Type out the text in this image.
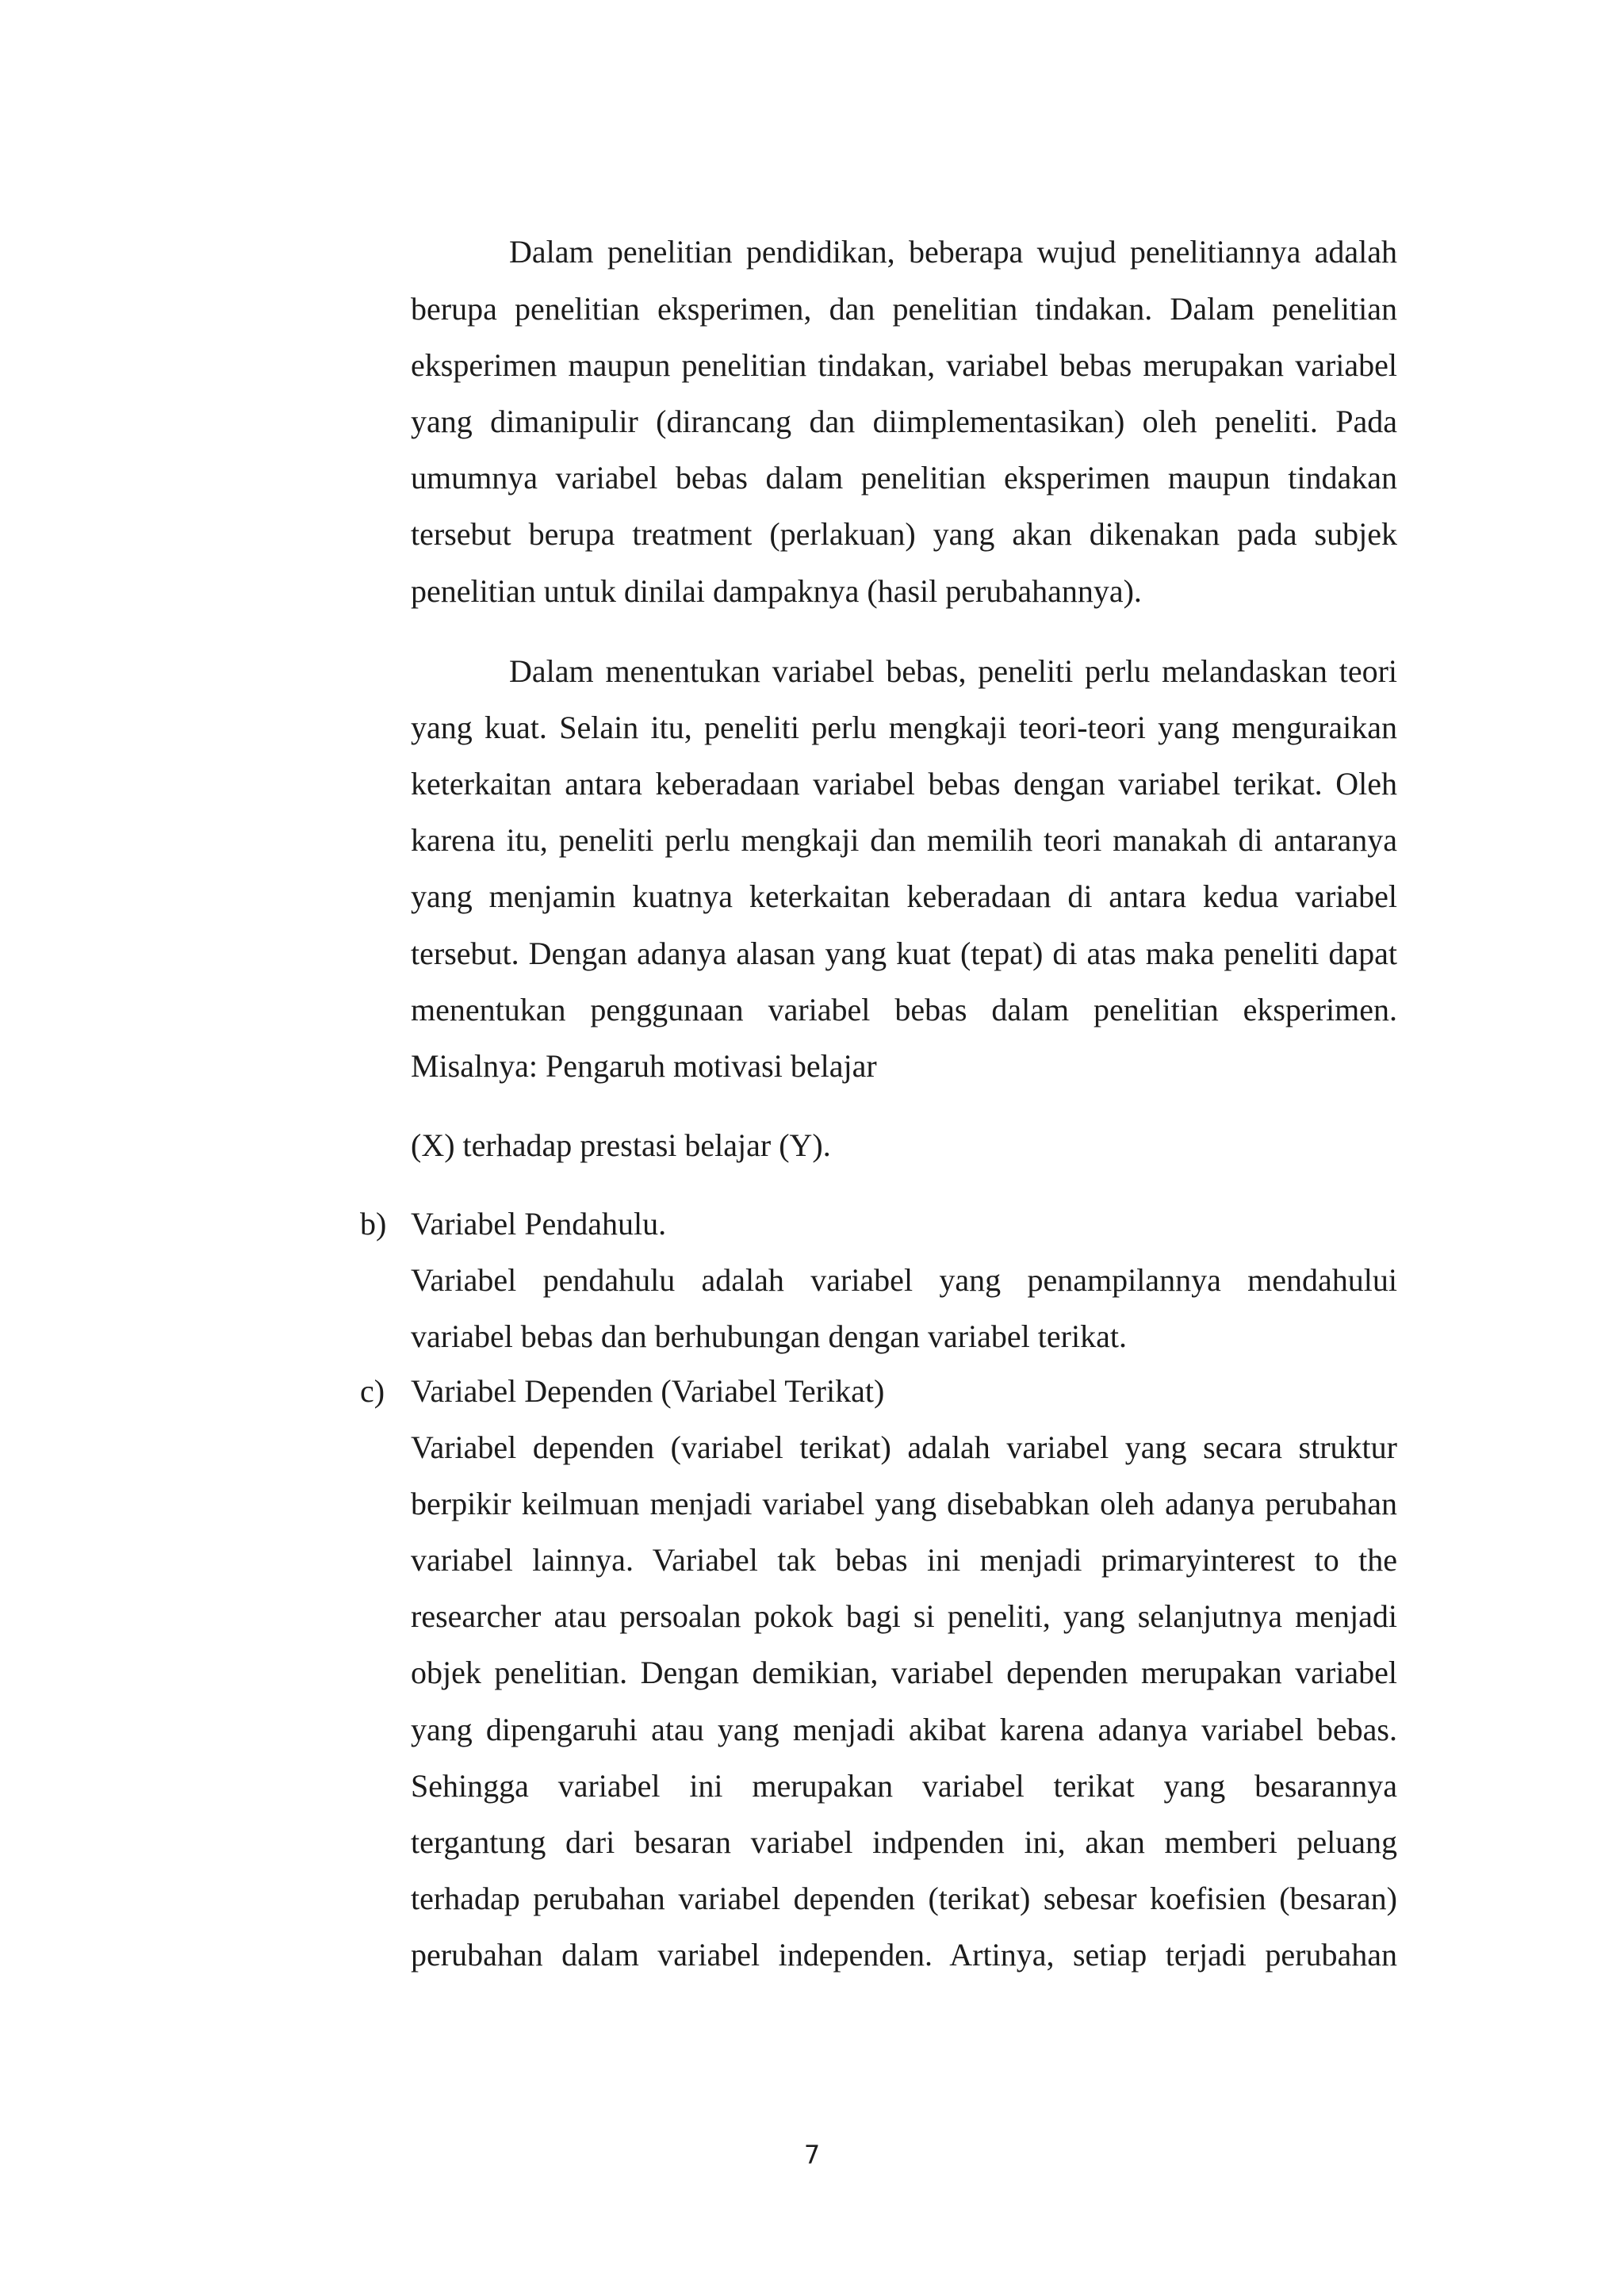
Dalam penelitian pendidikan, beberapa wujud penelitiannya adalah
berupa penelitian eksperimen, dan penelitian tindakan. Dalam penelitian
eksperimen maupun penelitian tindakan, variabel bebas merupakan variabel
yang dimanipulir (dirancang dan diimplementasikan) oleh peneliti. Pada
umumnya variabel bebas dalam penelitian eksperimen maupun tindakan
tersebut berupa treatment (perlakuan) yang akan dikenakan pada subjek
penelitian untuk dinilai dampaknya (hasil perubahannya).
Dalam menentukan variabel bebas, peneliti perlu melandaskan teori
yang kuat. Selain itu, peneliti perlu mengkaji teori-teori yang menguraikan
keterkaitan antara keberadaan variabel bebas dengan variabel terikat. Oleh
karena itu, peneliti perlu mengkaji dan memilih teori manakah di antaranya
yang menjamin kuatnya keterkaitan keberadaan di antara kedua variabel
tersebut. Dengan adanya alasan yang kuat (tepat) di atas maka peneliti dapat
menentukan penggunaan variabel bebas dalam penelitian eksperimen.
Misalnya: Pengaruh motivasi belajar
(X) terhadap prestasi belajar (Y).
b) Variabel Pendahulu.
Variabel pendahulu adalah variabel yang penampilannya mendahului
variabel bebas dan berhubungan dengan variabel terikat.
c) Variabel Dependen (Variabel Terikat)
Variabel dependen (variabel terikat) adalah variabel yang secara struktur
berpikir keilmuan menjadi variabel yang disebabkan oleh adanya perubahan
variabel lainnya. Variabel tak bebas ini menjadi primaryinterest to the
researcher atau persoalan pokok bagi si peneliti, yang selanjutnya menjadi
objek penelitian. Dengan demikian, variabel dependen merupakan variabel
yang dipengaruhi atau yang menjadi akibat karena adanya variabel bebas.
Sehingga variabel ini merupakan variabel terikat yang besarannya
tergantung dari besaran variabel indpenden ini, akan memberi peluang
terhadap perubahan variabel dependen (terikat) sebesar koefisien (besaran)
perubahan dalam variabel independen. Artinya, setiap terjadi perubahan
7
